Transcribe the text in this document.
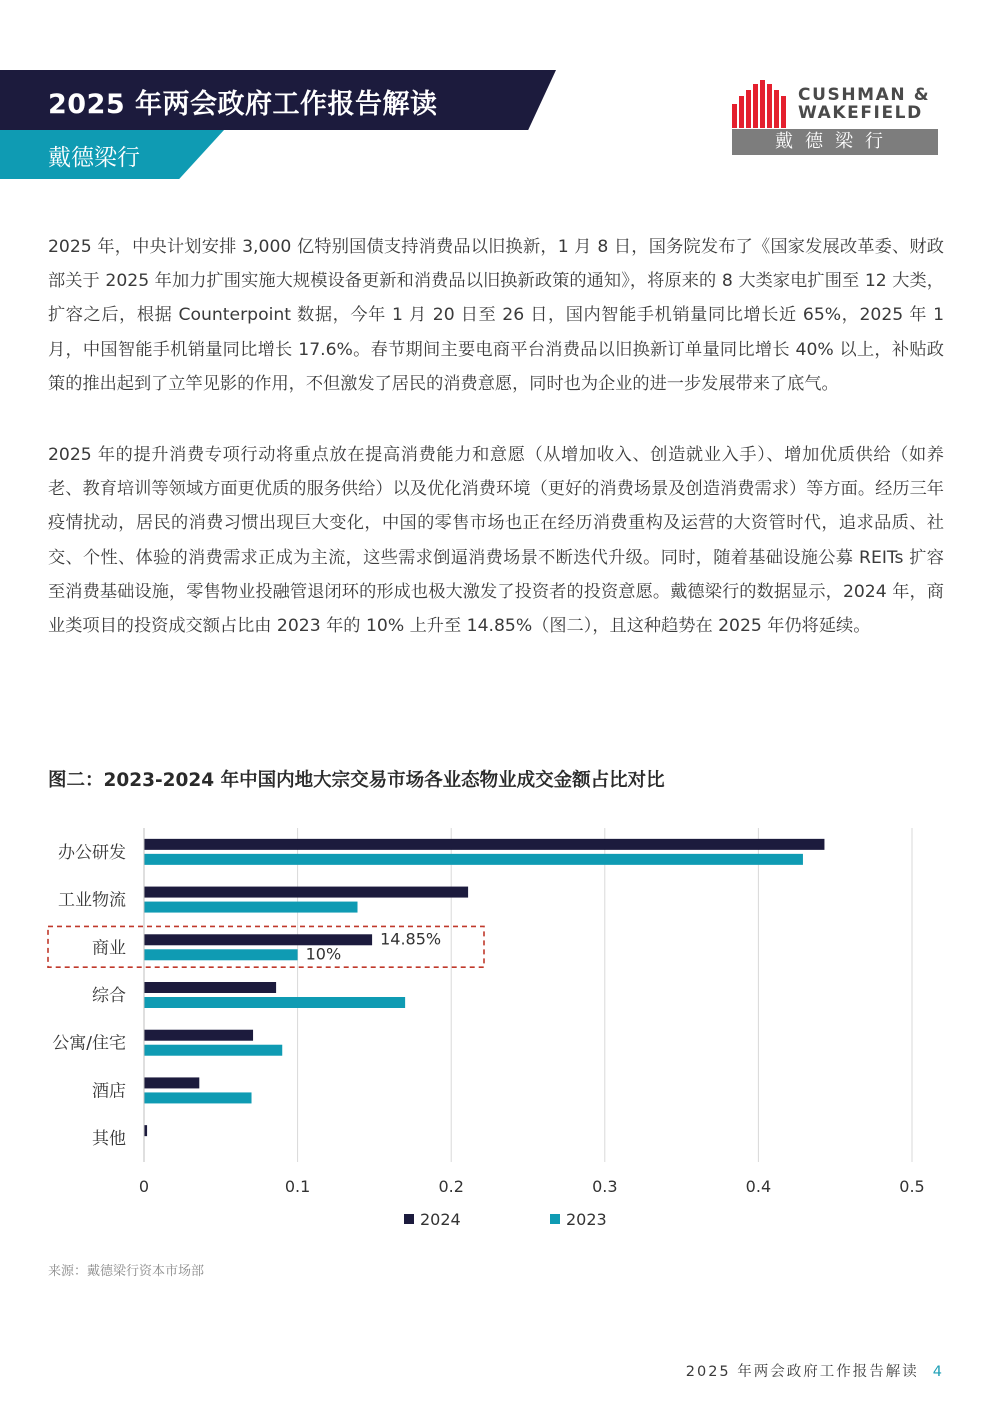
2025 年两会政府工作报告解读
戴德梁行
CUSHMAN &
WAKEFIELD
戴德梁行

2025 年，中央计划安排 3,000 亿特别国债支持消费品以旧换新，1 月 8 日，国务院发布了《国家发展改革委、财政部关于 2025 年加力扩围实施大规模设备更新和消费品以旧换新政策的通知》，将原来的 8 大类家电扩围至 12 大类，扩容之后，根据 Counterpoint 数据，今年 1 月 20 日至 26 日，国内智能手机销量同比增长近 65%，2025 年 1 月，中国智能手机销量同比增长 17.6%。春节期间主要电商平台消费品以旧换新订单量同比增长 40% 以上，补贴政策的推出起到了立竿见影的作用，不但激发了居民的消费意愿，同时也为企业的进一步发展带来了底气。

2025 年的提升消费专项行动将重点放在提高消费能力和意愿（从增加收入、创造就业入手）、增加优质供给（如养老、教育培训等领域方面更优质的服务供给）以及优化消费环境（更好的消费场景及创造消费需求）等方面。经历三年疫情扰动，居民的消费习惯出现巨大变化，中国的零售市场也正在经历消费重构及运营的大资管时代，追求品质、社交、个性、体验的消费需求正成为主流，这些需求倒逼消费场景不断迭代升级。同时，随着基础设施公募 REITs 扩容至消费基础设施，零售物业投融管退闭环的形成也极大激发了投资者的投资意愿。戴德梁行的数据显示，2024 年，商业类项目的投资成交额占比由 2023 年的 10% 上升至 14.85%（图二），且这种趋势在 2025 年仍将延续。

图二：2023-2024 年中国内地大宗交易市场各业态物业成交金额占比对比
0	0.1	0.2	0.3	0.4	0.5
办公研发
工业物流
商业
综合
公寓/住宅
酒店
其他
14.85%
10%
2024	2023
来源：戴德梁行资本市场部
2025 年两会政府工作报告解读 4
